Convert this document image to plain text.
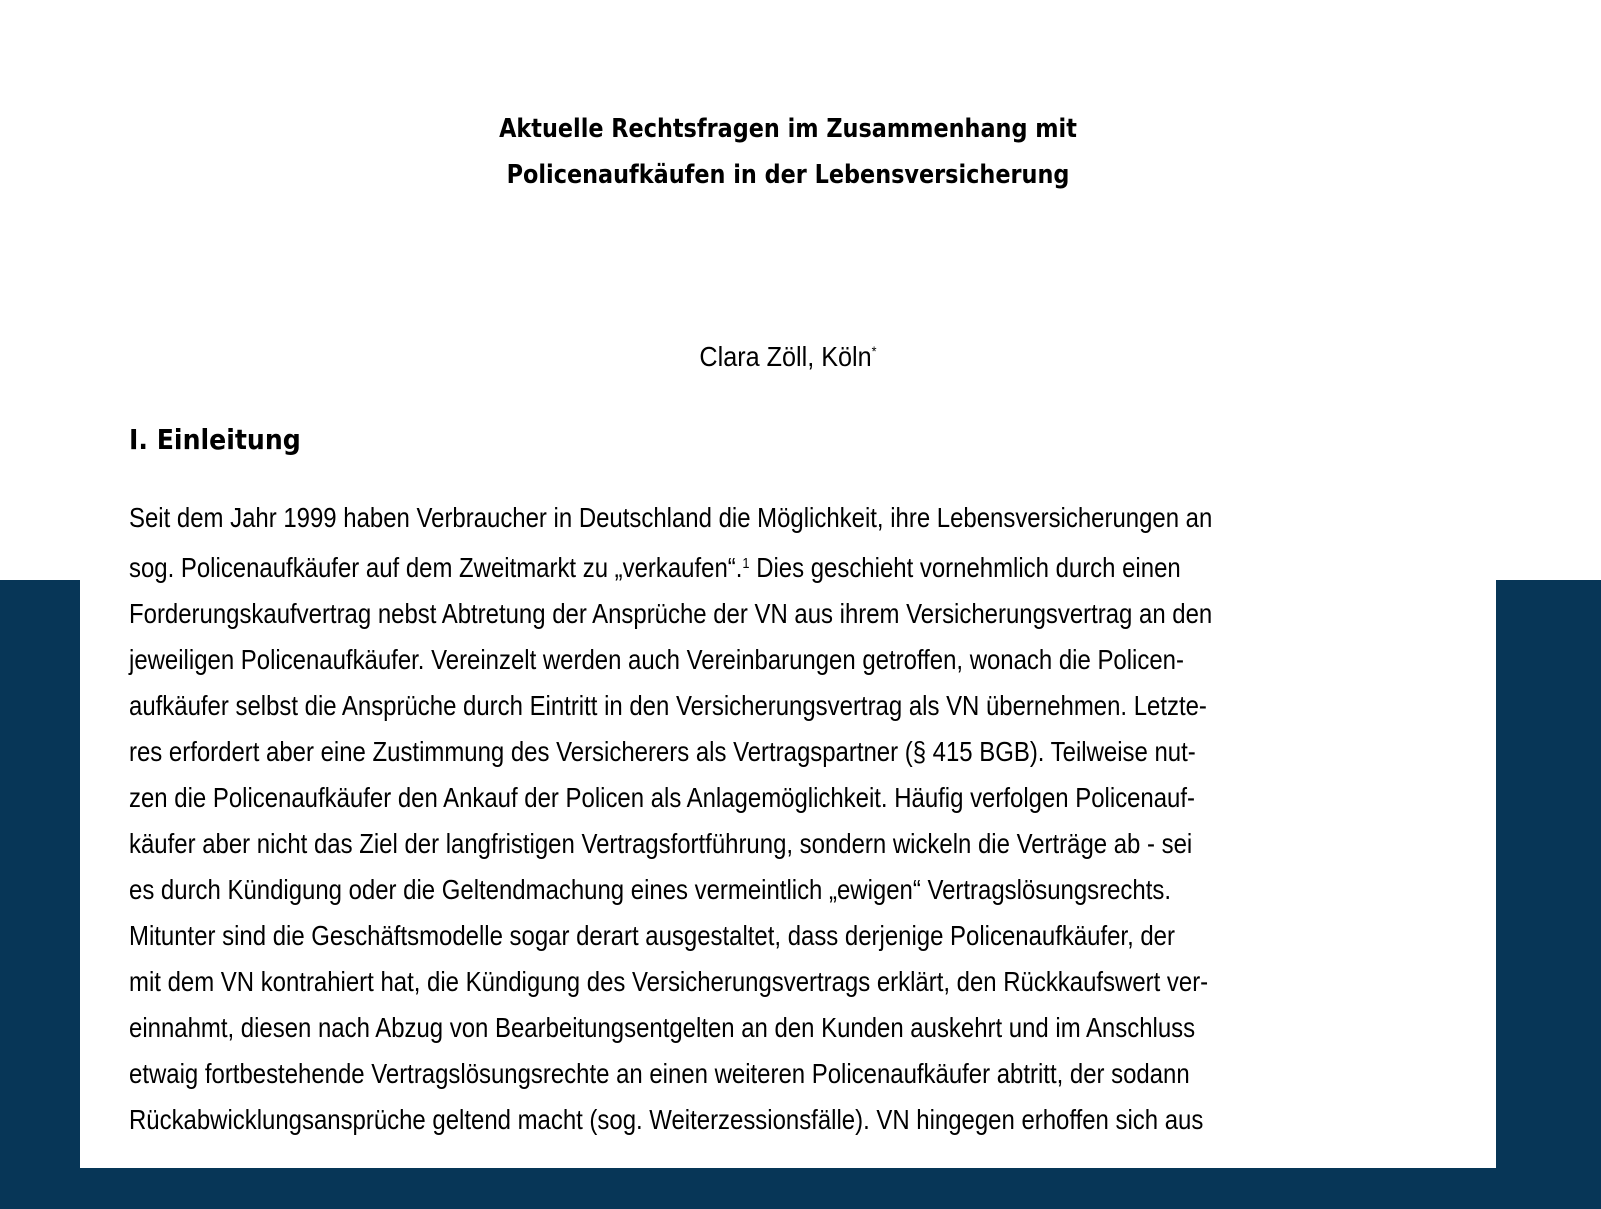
Aktuelle Rechtsfragen im Zusammenhang mit
Policenaufkäufen in der Lebensversicherung
Clara Zöll, Köln*
I. Einleitung
Seit dem Jahr 1999 haben Verbraucher in Deutschland die Möglichkeit, ihre Lebensversicherungen an
sog. Policenaufkäufer auf dem Zweitmarkt zu „verkaufen“.$^1$ Dies geschieht vornehmlich durch einen
Forderungskaufvertrag nebst Abtretung der Ansprüche der VN aus ihrem Versicherungsvertrag an den
jeweiligen Policenaufkäufer. Vereinzelt werden auch Vereinbarungen getroffen, wonach die Policen-
aufkäufer selbst die Ansprüche durch Eintritt in den Versicherungsvertrag als VN übernehmen. Letzte-
res erfordert aber eine Zustimmung des Versicherers als Vertragspartner (§ 415 BGB). Teilweise nut-
zen die Policenaufkäufer den Ankauf der Policen als Anlagemöglichkeit. Häufig verfolgen Policenauf-
käufer aber nicht das Ziel der langfristigen Vertragsfortführung, sondern wickeln die Verträge ab - sei
es durch Kündigung oder die Geltendmachung eines vermeintlich „ewigen“ Vertragslösungsrechts.
Mitunter sind die Geschäftsmodelle sogar derart ausgestaltet, dass derjenige Policenaufkäufer, der
mit dem VN kontrahiert hat, die Kündigung des Versicherungsvertrags erklärt, den Rückkaufswert ver-
einnahmt, diesen nach Abzug von Bearbeitungsentgelten an den Kunden auskehrt und im Anschluss
etwaig fortbestehende Vertragslösungsrechte an einen weiteren Policenaufkäufer abtritt, der sodann
Rückabwicklungsansprüche geltend macht (sog. Weiterzessionsfälle). VN hingegen erhoffen sich aus
